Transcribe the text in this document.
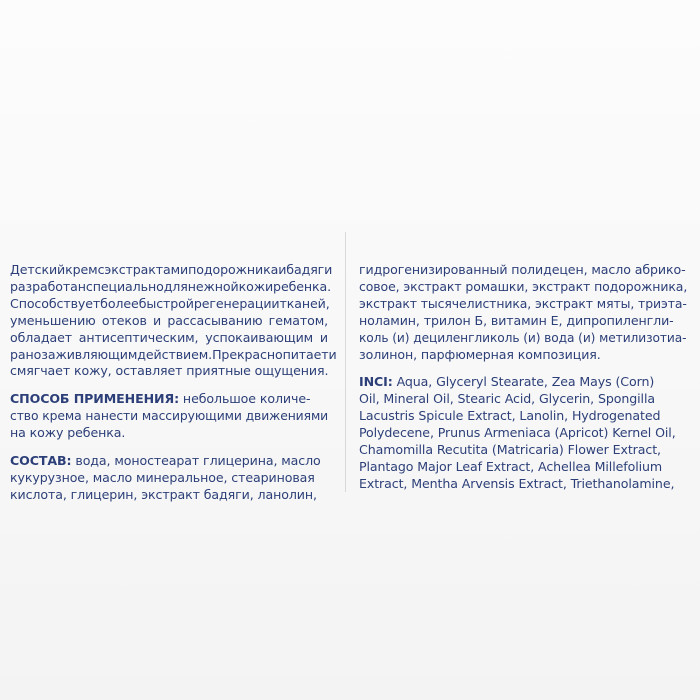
Детский крем с экстрактами подорожника и бадяги
разработан специально для нежной кожи ребенка.
Способствует более быстрой регенерации тканей,
уменьшению отеков и рассасыванию гематом,
обладает антисептическим, успокаивающим и
ранозаживляющим действием. Прекрасно питает и
смягчает кожу, оставляет приятные ощущения.
СПОСОБ ПРИМЕНЕНИЯ: небольшое количе-
ство крема нанести массирующими движениями
на кожу ребенка.
СОСТАВ: вода, моностеарат глицерина, масло
кукурузное, масло минеральное, стеариновая
кислота, глицерин, экстракт бадяги, ланолин,
гидрогенизированный полидецен, масло абрико-
совое, экстракт ромашки, экстракт подорожника,
экстракт тысячелистника, экстракт мяты, триэта-
ноламин, трилон Б, витамин Е, дипропиленгли-
коль (и) дециленгликоль (и) вода (и) метилизотиа-
золинон, парфюмерная композиция.
INCI: Aqua, Glyceryl Stearate, Zea Mays (Corn)
Oil, Mineral Oil, Stearic Acid, Glycerin, Spongilla
Lacustris Spicule Extract, Lanolin, Hydrogenated
Polydecene, Prunus Armeniaca (Apricot) Kernel Oil,
Chamomilla Recutita (Matricaria) Flower Extract,
Plantago Major Leaf Extract, Achellea Millefolium
Extract, Mentha Arvensis Extract, Triethanolamine,
